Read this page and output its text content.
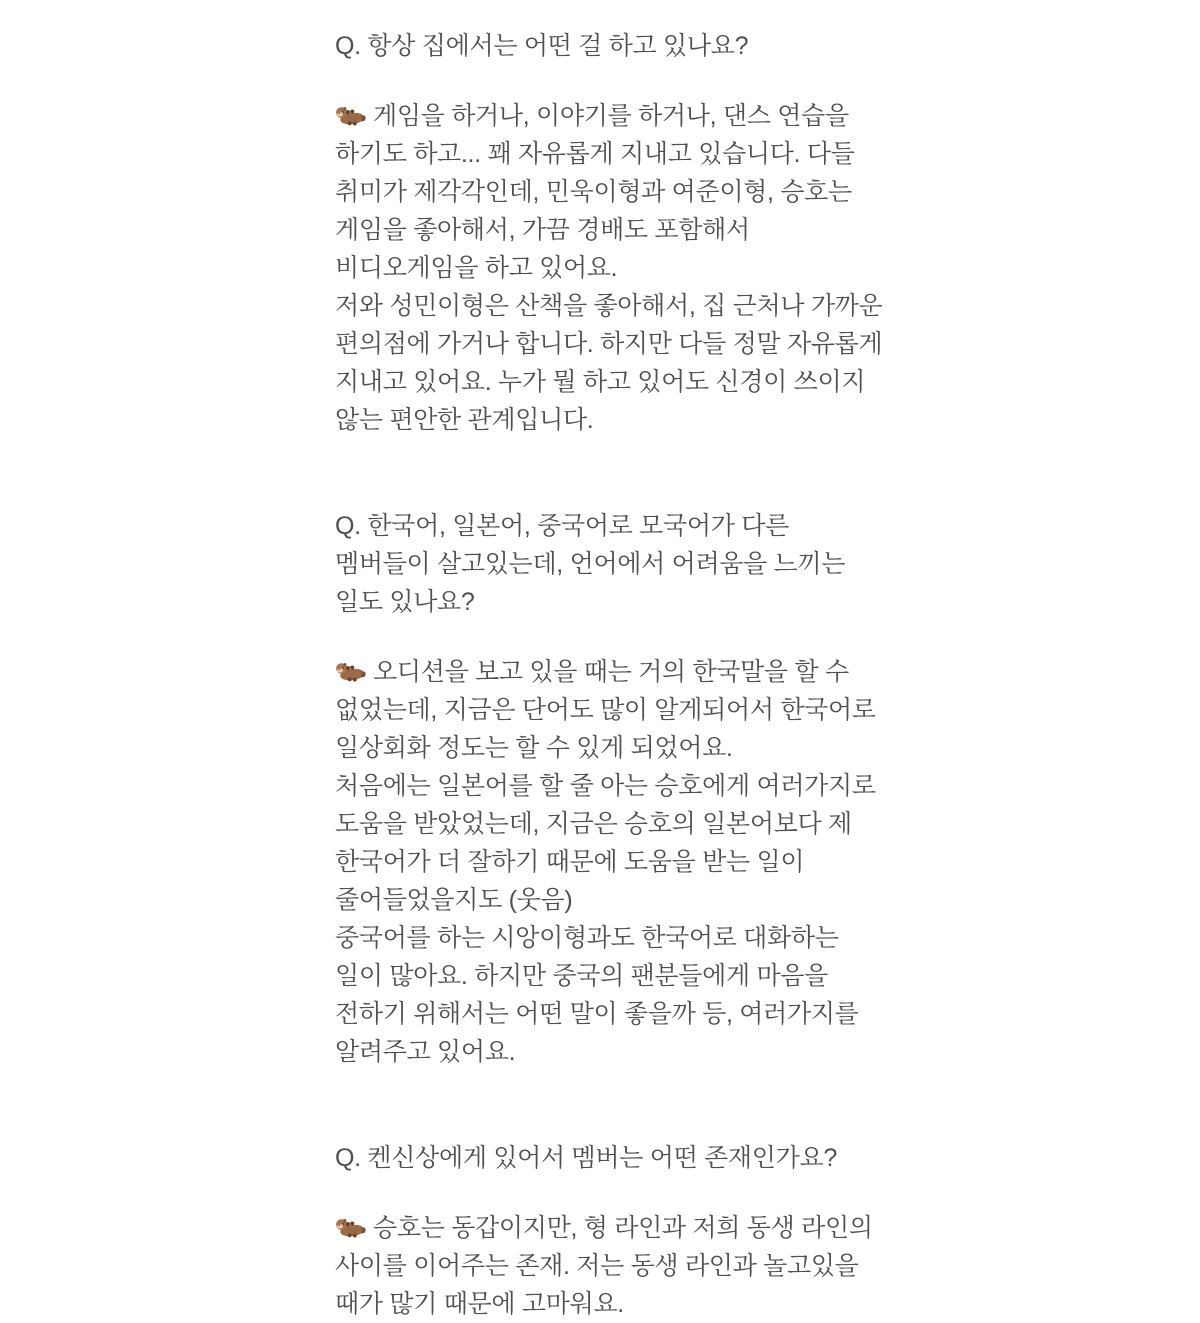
Q. 항상 집에서는 어떤 걸 하고 있나요?

게임을 하거나, 이야기를 하거나, 댄스 연습을 하기도 하고... 꽤 자유롭게 지내고 있습니다. 다들 취미가 제각각인데, 민욱이형과 여준이형, 승호는 게임을 좋아해서, 가끔 경배도 포함해서 비디오게임을 하고 있어요.

저와 성민이형은 산책을 좋아해서, 집 근처나 가까운 편의점에 가거나 합니다. 하지만 다들 정말 자유롭게 지내고 있어요. 누가 뭘 하고 있어도 신경이 쓰이지 않는 편안한 관계입니다.

Q. 한국어, 일본어, 중국어로 모국어가 다른 멤버들이 살고있는데, 언어에서 어려움을 느끼는 일도 있나요?

오디션을 보고 있을 때는 거의 한국말을 할 수 없었는데, 지금은 단어도 많이 알게되어서 한국어로 일상회화 정도는 할 수 있게 되었어요.

처음에는 일본어를 할 줄 아는 승호에게 여러가지로 도움을 받았었는데, 지금은 승호의 일본어보다 제 한국어가 더 잘하기 때문에 도움을 받는 일이 줄어들었을지도 (웃음)

중국어를 하는 시앙이형과도 한국어로 대화하는 일이 많아요. 하지만 중국의 팬분들에게 마음을 전하기 위해서는 어떤 말이 좋을까 등, 여러가지를 알려주고 있어요.

Q. 켄신상에게 있어서 멤버는 어떤 존재인가요?

승호는 동갑이지만, 형 라인과 저희 동생 라인의 사이를 이어주는 존재. 저는 동생 라인과 놀고있을 때가 많기 때문에 고마워요.
